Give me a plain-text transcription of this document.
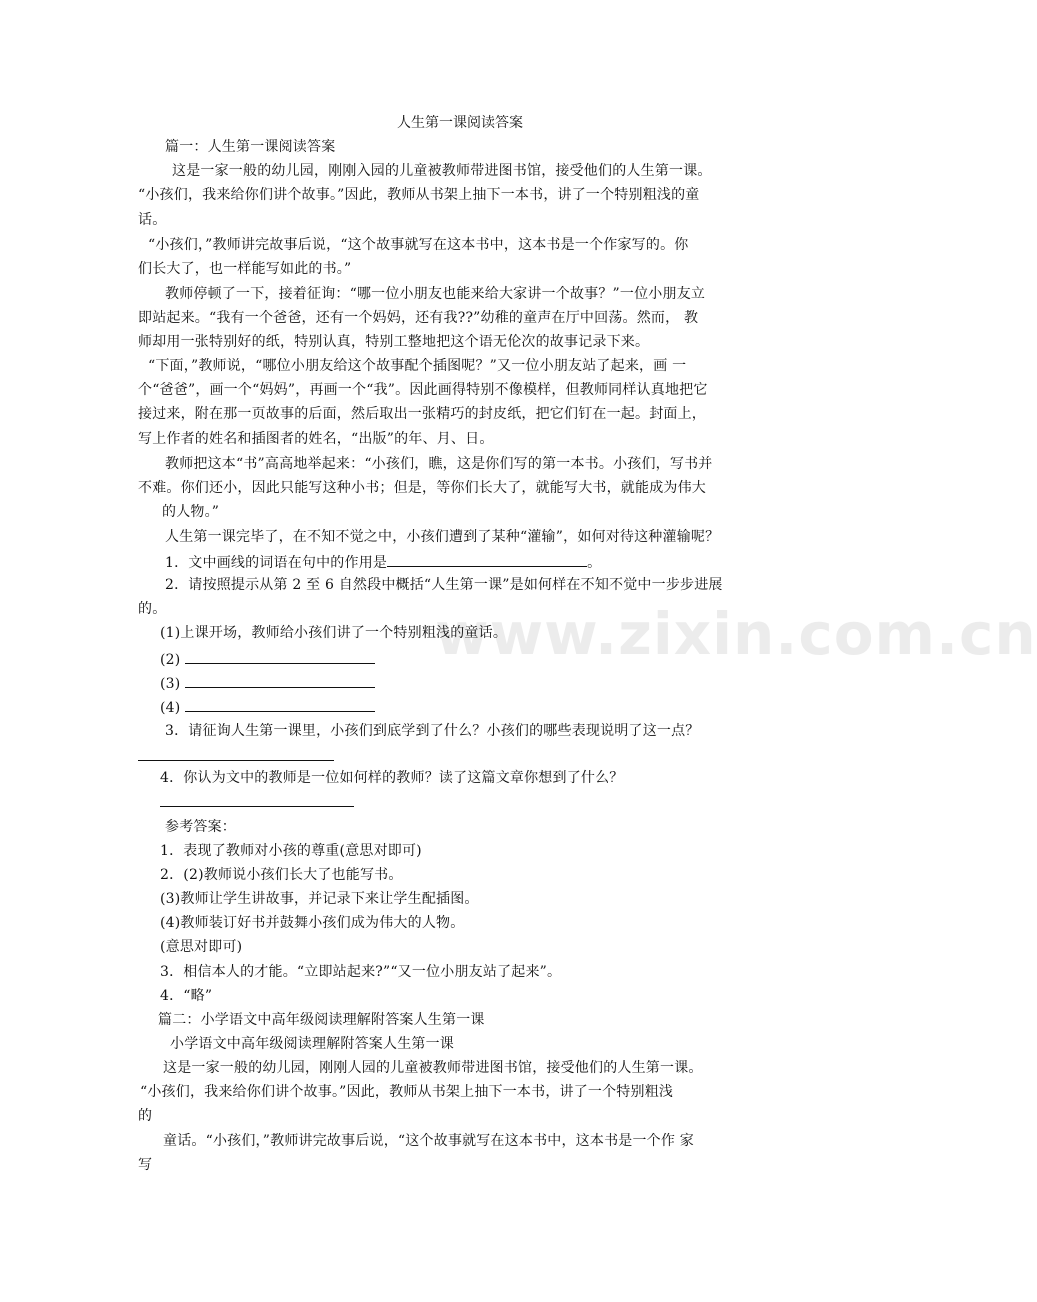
www.zixin.com.cn
人生第一课阅读答案
篇一：人生第一课阅读答案
这是一家一般的幼儿园，刚刚入园的儿童被教师带进图书馆，接受他们的人生第一课。
“小孩们，我来给你们讲个故事。”因此，教师从书架上抽下一本书，讲了一个特别粗浅的童
话。
“小孩们，”教师讲完故事后说，“这个故事就写在这本书中，这本书是一个作家写的。你
们长大了，也一样能写如此的书。”
教师停顿了一下，接着征询：“哪一位小朋友也能来给大家讲一个故事？”一位小朋友立
即站起来。“我有一个爸爸，还有一个妈妈，还有我??”幼稚的童声在厅中回荡。然而， 教
师却用一张特别好的纸，特别认真，特别工整地把这个语无伦次的故事记录下来。
“下面，”教师说，“哪位小朋友给这个故事配个插图呢？”又一位小朋友站了起来，画 一
个“爸爸”，画一个“妈妈”，再画一个“我”。因此画得特别不像模样，但教师同样认真地把它
接过来，附在那一页故事的后面，然后取出一张精巧的封皮纸，把它们钉在一起。封面上，
写上作者的姓名和插图者的姓名，“出版”的年、月、日。
教师把这本“书”高高地举起来：“小孩们，瞧，这是你们写的第一本书。小孩们，写书并
不难。你们还小，因此只能写这种小书；但是，等你们长大了，就能写大书，就能成为伟大
的人物。”
人生第一课完毕了，在不知不觉之中，小孩们遭到了某种“灌输”，如何对待这种灌输呢？
1．文中画线的词语在句中的作用是	。
2．请按照提示从第 2 至 6 自然段中概括“人生第一课”是如何样在不知不觉中一步步进展
的。
(1)上课开场，教师给小孩们讲了一个特别粗浅的童话。
(2)
(3)
(4)
3．请征询人生第一课里，小孩们到底学到了什么？小孩们的哪些表现说明了这一点？
4．你认为文中的教师是一位如何样的教师？读了这篇文章你想到了什么？
参考答案：
1．表现了教师对小孩的尊重(意思对即可)
2．(2)教师说小孩们长大了也能写书。
(3)教师让学生讲故事，并记录下来让学生配插图。
(4)教师装订好书并鼓舞小孩们成为伟大的人物。
(意思对即可)
3．相信本人的才能。“立即站起来?”“又一位小朋友站了起来”。
4．“略”
篇二：小学语文中高年级阅读理解附答案人生第一课
小学语文中高年级阅读理解附答案人生第一课
这是一家一般的幼儿园，刚刚人园的儿童被教师带进图书馆，接受他们的人生第一课。
“小孩们，我来给你们讲个故事。”因此，教师从书架上抽下一本书，讲了一个特别粗浅
的
童话。“小孩们，”教师讲完故事后说，“这个故事就写在这本书中，这本书是一个作 家
写
